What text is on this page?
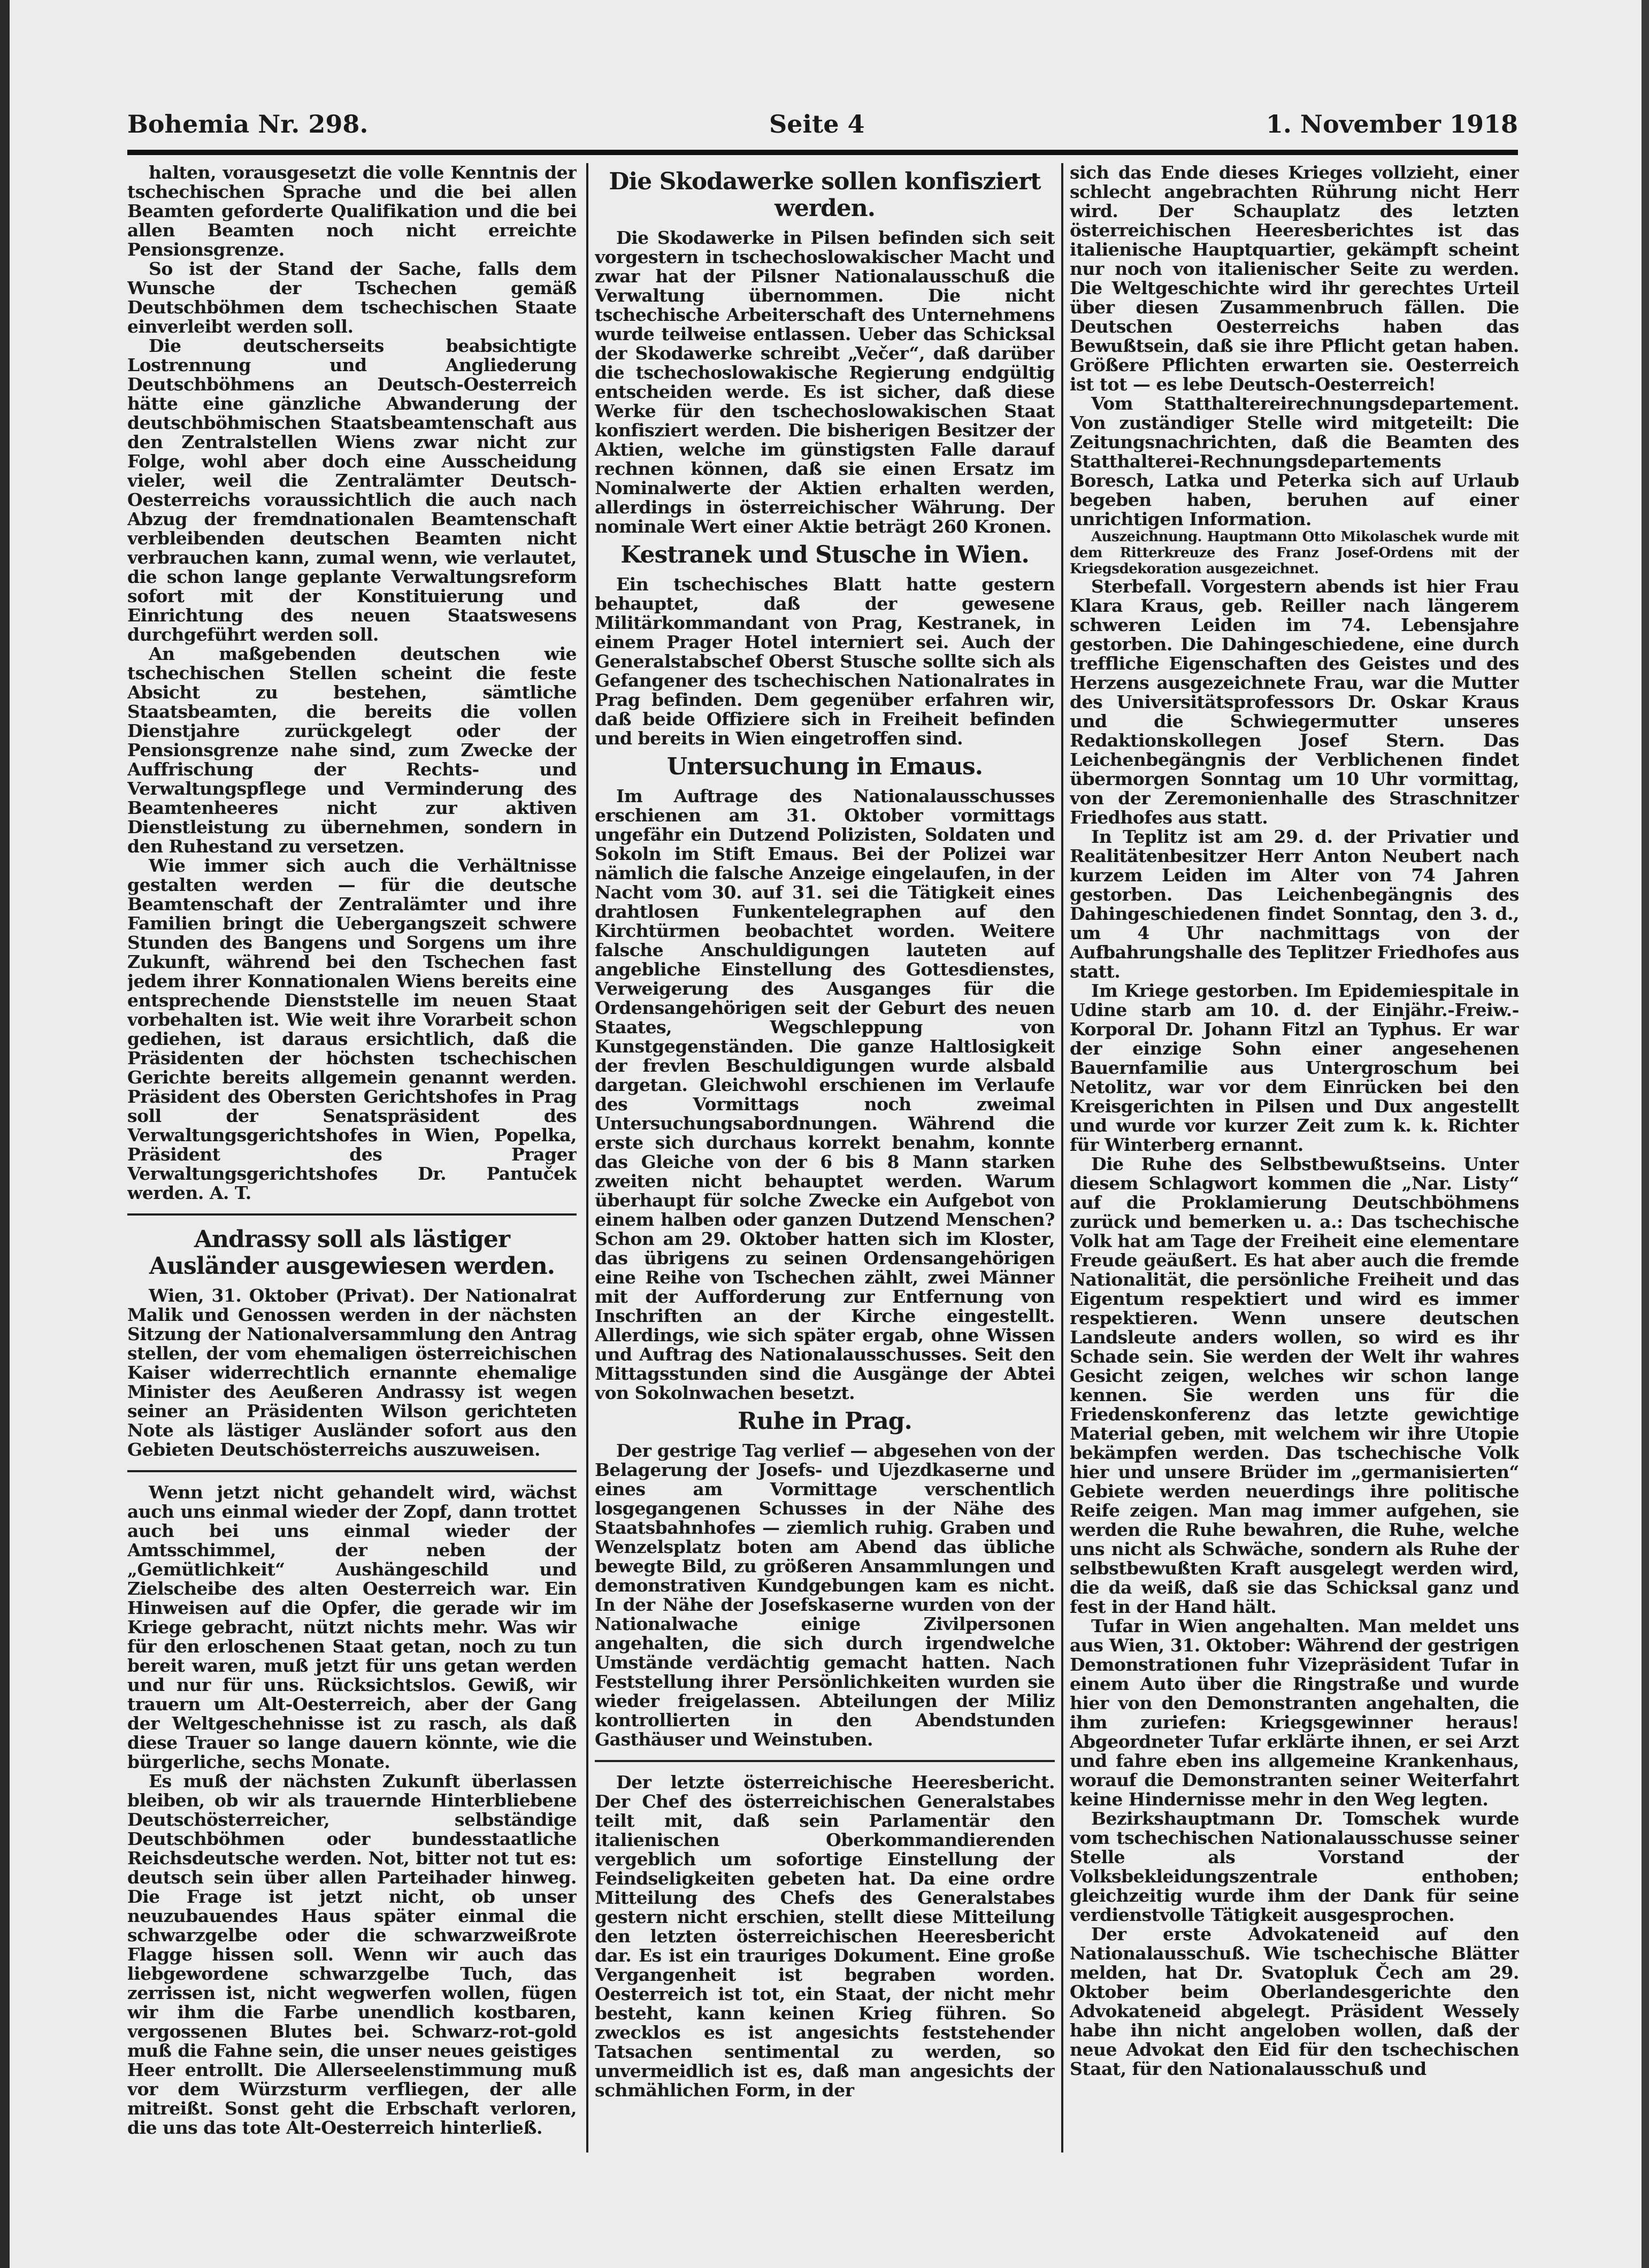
Bohemia Nr. 298.	Seite 4	1. November 1918

halten, vorausgesetzt die volle Kenntnis der tschechischen Sprache und die bei allen Beamten geforderte Qualifikation und die bei allen Beamten noch nicht erreichte Pensionsgrenze.

So ist der Stand der Sache, falls dem Wunsche der Tschechen gemäß Deutschböhmen dem tschechischen Staate einverleibt werden soll.

Die deutscherseits beabsichtigte Lostrennung und Angliederung Deutschböhmens an Deutsch-Oesterreich hätte eine gänzliche Abwanderung der deutschböhmischen Staatsbeamtenschaft aus den Zentralstellen Wiens zwar nicht zur Folge, wohl aber doch eine Ausscheidung vieler, weil die Zentralämter Deutsch-Oesterreichs voraussichtlich die auch nach Abzug der fremdnationalen Beamtenschaft verbleibenden deutschen Beamten nicht verbrauchen kann, zumal wenn, wie verlautet, die schon lange geplante Verwaltungsreform sofort mit der Konstituierung und Einrichtung des neuen Staatswesens durchgeführt werden soll.

An maßgebenden deutschen wie tschechischen Stellen scheint die feste Absicht zu bestehen, sämtliche Staatsbeamten, die bereits die vollen Dienstjahre zurückgelegt oder der Pensionsgrenze nahe sind, zum Zwecke der Auffrischung der Rechts- und Verwaltungspflege und Verminderung des Beamtenheeres nicht zur aktiven Dienstleistung zu übernehmen, sondern in den Ruhestand zu versetzen.

Wie immer sich auch die Verhältnisse gestalten werden — für die deutsche Beamtenschaft der Zentralämter und ihre Familien bringt die Uebergangszeit schwere Stunden des Bangens und Sorgens um ihre Zukunft, während bei den Tschechen fast jedem ihrer Konnationalen Wiens bereits eine entsprechende Dienststelle im neuen Staat vorbehalten ist. Wie weit ihre Vorarbeit schon gediehen, ist daraus ersichtlich, daß die Präsidenten der höchsten tschechischen Gerichte bereits allgemein genannt werden. Präsident des Obersten Gerichtshofes in Prag soll der Senatspräsident des Verwaltungsgerichtshofes in Wien, Popelka, Präsident des Prager Verwaltungsgerichtshofes Dr. Pantuček werden. A. T.

Andrassy soll als lästiger Ausländer ausgewiesen werden.

Wien, 31. Oktober (Privat). Der Nationalrat Malik und Genossen werden in der nächsten Sitzung der Nationalversammlung den Antrag stellen, der vom ehemaligen österreichischen Kaiser widerrechtlich ernannte ehemalige Minister des Aeußeren Andrassy ist wegen seiner an Präsidenten Wilson gerichteten Note als lästiger Ausländer sofort aus den Gebieten Deutschösterreichs auszuweisen.

Wenn jetzt nicht gehandelt wird, wächst auch uns einmal wieder der Zopf, dann trottet auch bei uns einmal wieder der Amtsschimmel, der neben der „Gemütlichkeit“ Aushängeschild und Zielscheibe des alten Oesterreich war. Ein Hinweisen auf die Opfer, die gerade wir im Kriege gebracht, nützt nichts mehr. Was wir für den erloschenen Staat getan, noch zu tun bereit waren, muß jetzt für uns getan werden und nur für uns. Rücksichtslos. Gewiß, wir trauern um Alt-Oesterreich, aber der Gang der Weltgeschehnisse ist zu rasch, als daß diese Trauer so lange dauern könnte, wie die bürgerliche, sechs Monate.

Es muß der nächsten Zukunft überlassen bleiben, ob wir als trauernde Hinterbliebene Deutschösterreicher, selbständige Deutschböhmen oder bundesstaatliche Reichsdeutsche werden. Not, bitter not tut es: deutsch sein über allen Parteihader hinweg. Die Frage ist jetzt nicht, ob unser neuzubauendes Haus später einmal die schwarzgelbe oder die schwarzweißrote Flagge hissen soll. Wenn wir auch das liebgewordene schwarzgelbe Tuch, das zerrissen ist, nicht wegwerfen wollen, fügen wir ihm die Farbe unendlich kostbaren, vergossenen Blutes bei. Schwarz-rot-gold muß die Fahne sein, die unser neues geistiges Heer entrollt. Die Allerseelenstimmung muß vor dem Würzsturm verfliegen, der alle mitreißt. Sonst geht die Erbschaft verloren, die uns das tote Alt-Oesterreich hinterließ.

Die Skodawerke sollen konfisziert werden.

Die Skodawerke in Pilsen befinden sich seit vorgestern in tschechoslowakischer Macht und zwar hat der Pilsner Nationalausschuß die Verwaltung übernommen. Die nicht tschechische Arbeiterschaft des Unternehmens wurde teilweise entlassen. Ueber das Schicksal der Skodawerke schreibt „Večer“, daß darüber die tschechoslowakische Regierung endgültig entscheiden werde. Es ist sicher, daß diese Werke für den tschechoslowakischen Staat konfisziert werden. Die bisherigen Besitzer der Aktien, welche im günstigsten Falle darauf rechnen können, daß sie einen Ersatz im Nominalwerte der Aktien erhalten werden, allerdings in österreichischer Währung. Der nominale Wert einer Aktie beträgt 260 Kronen.

Kestranek und Stusche in Wien.

Ein tschechisches Blatt hatte gestern behauptet, daß der gewesene Militärkommandant von Prag, Kestranek, in einem Prager Hotel interniert sei. Auch der Generalstabschef Oberst Stusche sollte sich als Gefangener des tschechischen Nationalrates in Prag befinden. Dem gegenüber erfahren wir, daß beide Offiziere sich in Freiheit befinden und bereits in Wien eingetroffen sind.

Untersuchung in Emaus.

Im Auftrage des Nationalausschusses erschienen am 31. Oktober vormittags ungefähr ein Dutzend Polizisten, Soldaten und Sokoln im Stift Emaus. Bei der Polizei war nämlich die falsche Anzeige eingelaufen, in der Nacht vom 30. auf 31. sei die Tätigkeit eines drahtlosen Funkentelegraphen auf den Kirchtürmen beobachtet worden. Weitere falsche Anschuldigungen lauteten auf angebliche Einstellung des Gottesdienstes, Verweigerung des Ausganges für die Ordensangehörigen seit der Geburt des neuen Staates, Wegschleppung von Kunstgegenständen. Die ganze Haltlosigkeit der frevlen Beschuldigungen wurde alsbald dargetan. Gleichwohl erschienen im Verlaufe des Vormittags noch zweimal Untersuchungsabordnungen. Während die erste sich durchaus korrekt benahm, konnte das Gleiche von der 6 bis 8 Mann starken zweiten nicht behauptet werden. Warum überhaupt für solche Zwecke ein Aufgebot von einem halben oder ganzen Dutzend Menschen? Schon am 29. Oktober hatten sich im Kloster, das übrigens zu seinen Ordensangehörigen eine Reihe von Tschechen zählt, zwei Männer mit der Aufforderung zur Entfernung von Inschriften an der Kirche eingestellt. Allerdings, wie sich später ergab, ohne Wissen und Auftrag des Nationalausschusses. Seit den Mittagsstunden sind die Ausgänge der Abtei von Sokolnwachen besetzt.

Ruhe in Prag.

Der gestrige Tag verlief — abgesehen von der Belagerung der Josefs- und Ujezdkaserne und eines am Vormittage verschentlich losgegangenen Schusses in der Nähe des Staatsbahnhofes — ziemlich ruhig. Graben und Wenzelsplatz boten am Abend das übliche bewegte Bild, zu größeren Ansammlungen und demonstrativen Kundgebungen kam es nicht. In der Nähe der Josefskaserne wurden von der Nationalwache einige Zivilpersonen angehalten, die sich durch irgendwelche Umstände verdächtig gemacht hatten. Nach Feststellung ihrer Persönlichkeiten wurden sie wieder freigelassen. Abteilungen der Miliz kontrollierten in den Abendstunden Gasthäuser und Weinstuben.

Der letzte österreichische Heeresbericht. Der Chef des österreichischen Generalstabes teilt mit, daß sein Parlamentär den italienischen Oberkommandierenden vergeblich um sofortige Einstellung der Feindseligkeiten gebeten hat. Da eine ordre Mitteilung des Chefs des Generalstabes gestern nicht erschien, stellt diese Mitteilung den letzten österreichischen Heeresbericht dar. Es ist ein trauriges Dokument. Eine große Vergangenheit ist begraben worden. Oesterreich ist tot, ein Staat, der nicht mehr besteht, kann keinen Krieg führen. So zwecklos es ist angesichts feststehender Tatsachen sentimental zu werden, so unvermeidlich ist es, daß man angesichts der schmählichen Form, in der

sich das Ende dieses Krieges vollzieht, einer schlecht angebrachten Rührung nicht Herr wird. Der Schauplatz des letzten österreichischen Heeresberichtes ist das italienische Hauptquartier, gekämpft scheint nur noch von italienischer Seite zu werden. Die Weltgeschichte wird ihr gerechtes Urteil über diesen Zusammenbruch fällen. Die Deutschen Oesterreichs haben das Bewußtsein, daß sie ihre Pflicht getan haben. Größere Pflichten erwarten sie. Oesterreich ist tot — es lebe Deutsch-Oesterreich!

Vom Statthaltereirechnungsdepartement. Von zuständiger Stelle wird mitgeteilt: Die Zeitungsnachrichten, daß die Beamten des Statthalterei-Rechnungsdepartements Boresch, Latka und Peterka sich auf Urlaub begeben haben, beruhen auf einer unrichtigen Information.

Auszeichnung. Hauptmann Otto Mikolaschek wurde mit dem Ritterkreuze des Franz Josef-Ordens mit der Kriegsdekoration ausgezeichnet.

Sterbefall. Vorgestern abends ist hier Frau Klara Kraus, geb. Reiller nach längerem schweren Leiden im 74. Lebensjahre gestorben. Die Dahingeschiedene, eine durch treffliche Eigenschaften des Geistes und des Herzens ausgezeichnete Frau, war die Mutter des Universitätsprofessors Dr. Oskar Kraus und die Schwiegermutter unseres Redaktionskollegen Josef Stern. Das Leichenbegängnis der Verblichenen findet übermorgen Sonntag um 10 Uhr vormittag, von der Zeremonienhalle des Straschnitzer Friedhofes aus statt.

In Teplitz ist am 29. d. der Privatier und Realitätenbesitzer Herr Anton Neubert nach kurzem Leiden im Alter von 74 Jahren gestorben. Das Leichenbegängnis des Dahingeschiedenen findet Sonntag, den 3. d., um 4 Uhr nachmittags von der Aufbahrungshalle des Teplitzer Friedhofes aus statt.

Im Kriege gestorben. Im Epidemiespitale in Udine starb am 10. d. der Einjähr.-Freiw.-Korporal Dr. Johann Fitzl an Typhus. Er war der einzige Sohn einer angesehenen Bauernfamilie aus Untergroschum bei Netolitz, war vor dem Einrücken bei den Kreisgerichten in Pilsen und Dux angestellt und wurde vor kurzer Zeit zum k. k. Richter für Winterberg ernannt.

Die Ruhe des Selbstbewußtseins. Unter diesem Schlagwort kommen die „Nar. Listy“ auf die Proklamierung Deutschböhmens zurück und bemerken u. a.: Das tschechische Volk hat am Tage der Freiheit eine elementare Freude geäußert. Es hat aber auch die fremde Nationalität, die persönliche Freiheit und das Eigentum respektiert und wird es immer respektieren. Wenn unsere deutschen Landsleute anders wollen, so wird es ihr Schade sein. Sie werden der Welt ihr wahres Gesicht zeigen, welches wir schon lange kennen. Sie werden uns für die Friedenskonferenz das letzte gewichtige Material geben, mit welchem wir ihre Utopie bekämpfen werden. Das tschechische Volk hier und unsere Brüder im „germanisierten“ Gebiete werden neuerdings ihre politische Reife zeigen. Man mag immer aufgehen, sie werden die Ruhe bewahren, die Ruhe, welche uns nicht als Schwäche, sondern als Ruhe der selbstbewußten Kraft ausgelegt werden wird, die da weiß, daß sie das Schicksal ganz und fest in der Hand hält.

Tufar in Wien angehalten. Man meldet uns aus Wien, 31. Oktober: Während der gestrigen Demonstrationen fuhr Vizepräsident Tufar in einem Auto über die Ringstraße und wurde hier von den Demonstranten angehalten, die ihm zuriefen: Kriegsgewinner heraus! Abgeordneter Tufar erklärte ihnen, er sei Arzt und fahre eben ins allgemeine Krankenhaus, worauf die Demonstranten seiner Weiterfahrt keine Hindernisse mehr in den Weg legten.

Bezirkshauptmann Dr. Tomschek wurde vom tschechischen Nationalausschusse seiner Stelle als Vorstand der Volksbekleidungszentrale enthoben; gleichzeitig wurde ihm der Dank für seine verdienstvolle Tätigkeit ausgesprochen.

Der erste Advokateneid auf den Nationalausschuß. Wie tschechische Blätter melden, hat Dr. Svatopluk Čech am 29. Oktober beim Oberlandesgerichte den Advokateneid abgelegt. Präsident Wessely habe ihn nicht angeloben wollen, daß der neue Advokat den Eid für den tschechischen Staat, für den Nationalausschuß und
